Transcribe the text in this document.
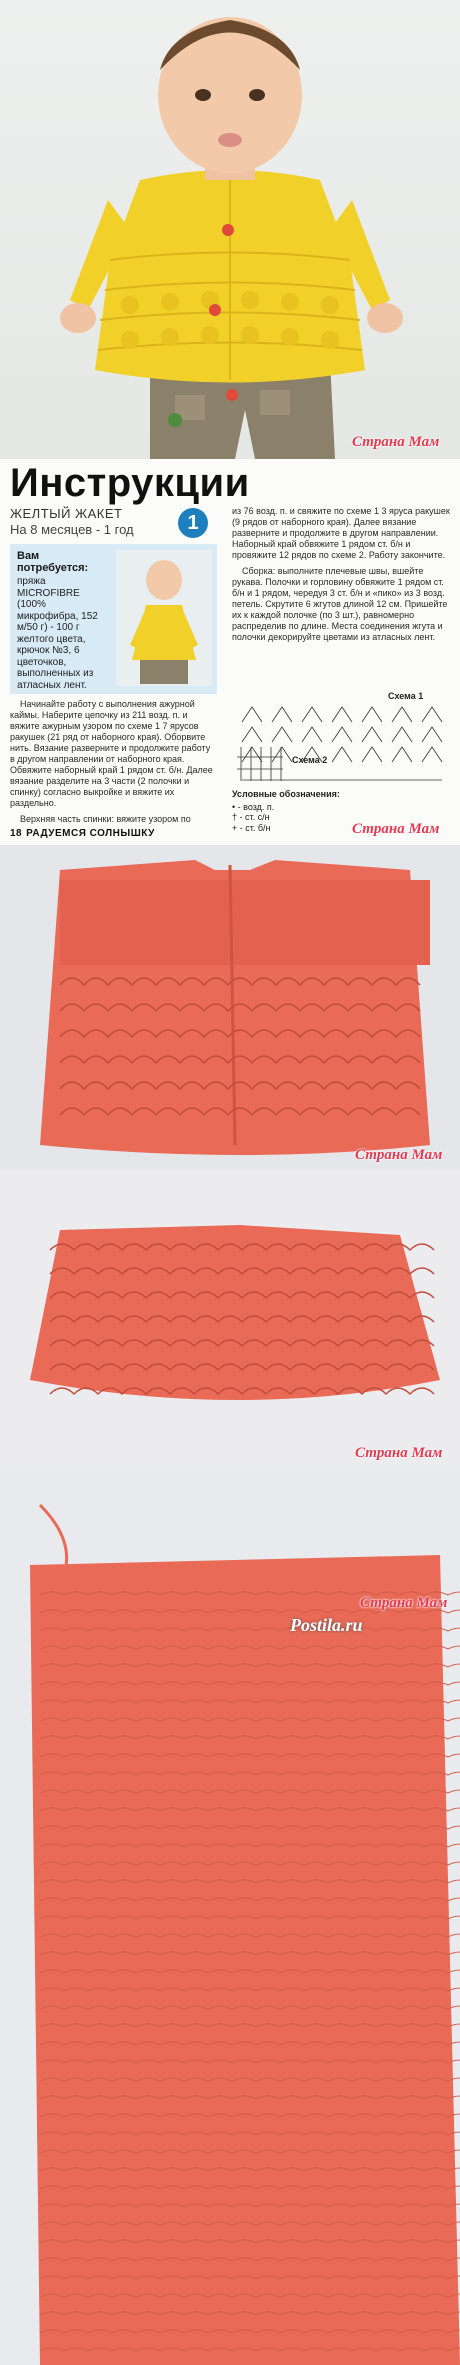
Страна Мам
Инструкции
ЖЕЛТЫЙ ЖАКЕТ
На 8 месяцев - 1 год	1
Вам потребуется:
пряжа MICROFIBRE (100% микрофибра, 152 м/50 г) - 100 г желтого цвета, крючок №3, 6 цветочков, выполненных из атласных лент.

Начинайте работу с выполнения ажурной каймы. Наберите цепочку из 211 возд. п. и вяжите ажурным узором по схеме 1 7 ярусов ракушек (21 ряд от наборного края). Оборвите нить. Вязание разверните и продолжите работу в другом направлении от наборного края. Обвяжите наборный край 1 рядом ст. б/н. Далее вязание разделите на 3 части (2 полочки и спинку) согласно выкройке и вяжите их раздельно.

Верхняя часть спинки: вяжите узором по

из 76 возд. п. и свяжите по схеме 1 3 яруса ракушек (9 рядов от наборного края). Далее вязание разверните и продолжите в другом направлении. Наборный край обвяжите 1 рядом ст. б/н и провяжите 12 рядов по схеме 2. Работу закончите.

Сборка: выполните плечевые швы, вшейте рукава. Полочки и горловину обвяжите 1 рядом ст. б/н и 1 рядом, чередуя 3 ст. б/н и «пико» из 3 возд. петель. Скрутите 6 жгутов длиной 12 см. Пришейте их к каждой полочке (по 3 шт.), равномерно распределив по длине. Места соединения жгута и полочки декорируйте цветами из атласных лент.

Схема 1
Схема 2
Условные обозначения:
• - возд. п.
† - ст. с/н
+ - ст. б/н
18 РАДУЕМСЯ СОЛНЫШКУ	Страна Мам
Страна Мам
Страна Мам
Страна Мам
Postila.ru
